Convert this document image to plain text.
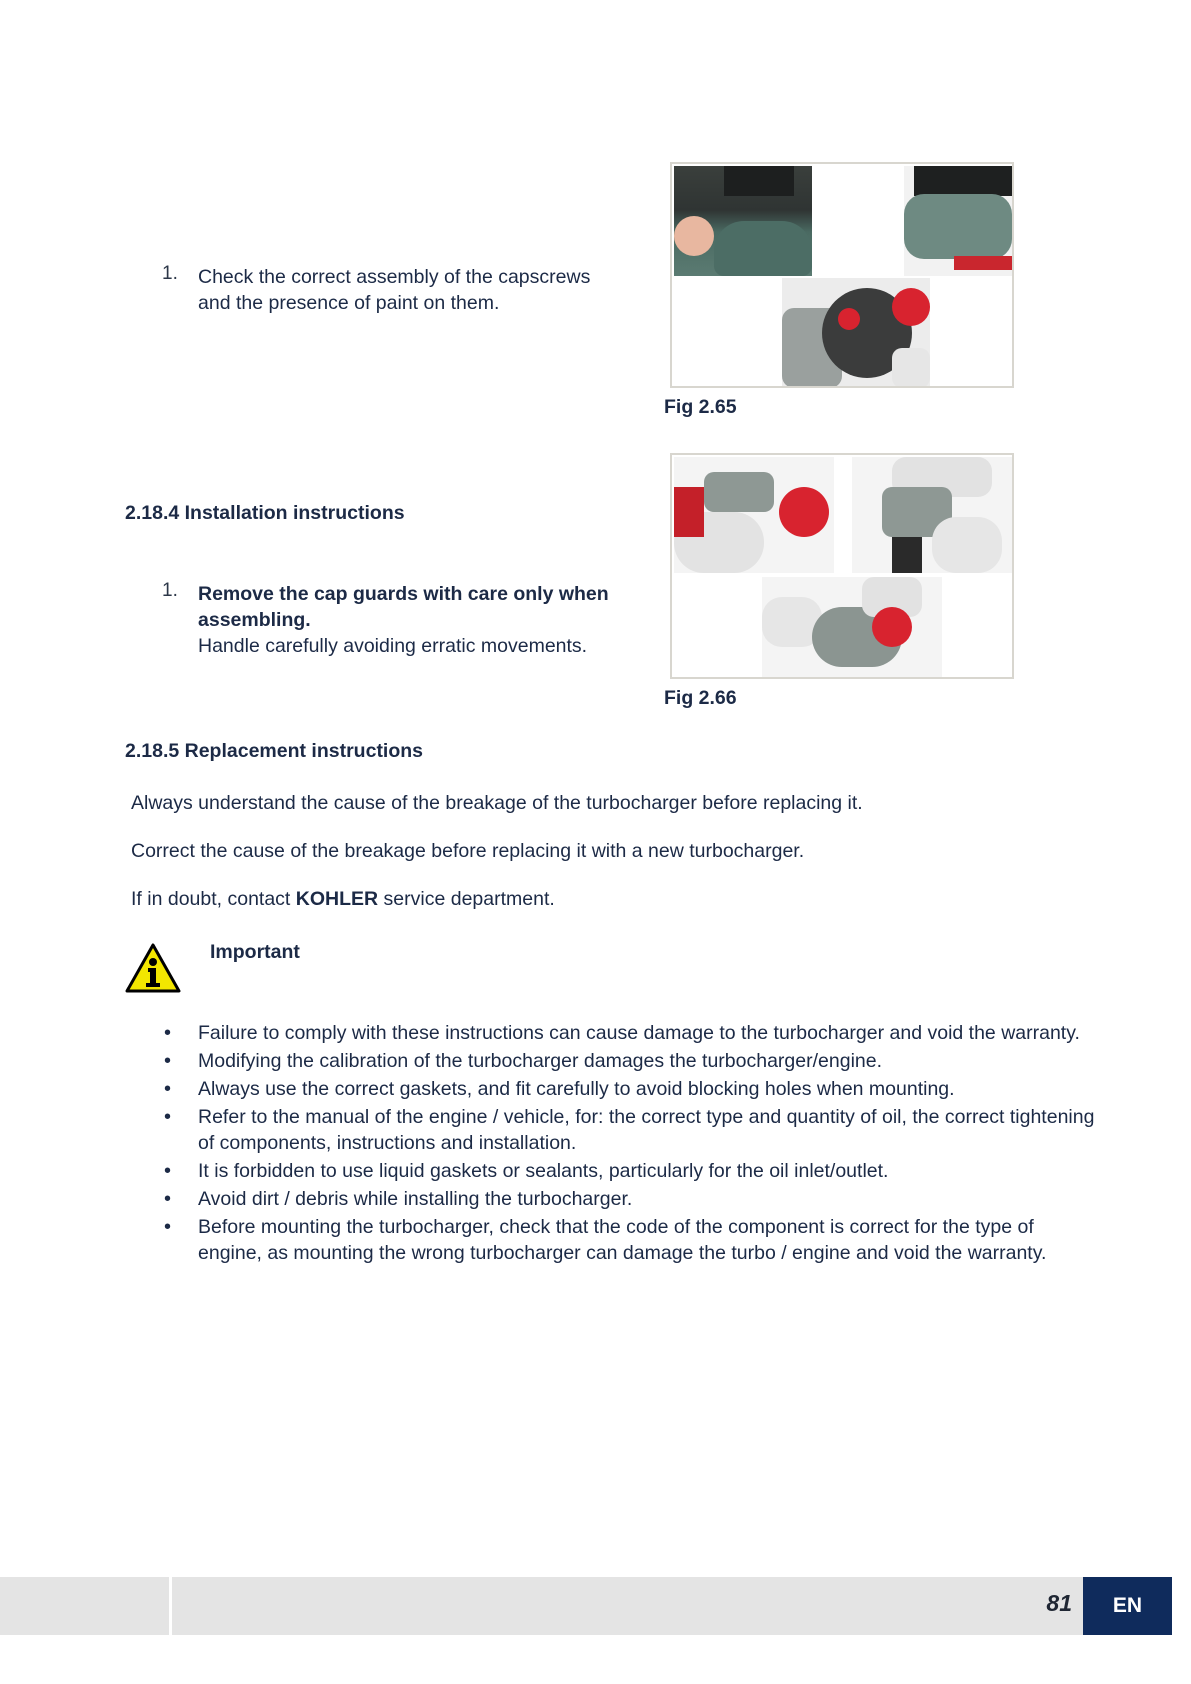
1. Check the correct assembly of the capscrews
and the presence of paint on them.
Fig 2.65
2.18.4 Installation instructions
1. Remove the cap guards with care only when
assembling.
Handle carefully avoiding erratic movements.
Fig 2.66
2.18.5 Replacement instructions
Always understand the cause of the breakage of the turbocharger before replacing it.
Correct the cause of the breakage before replacing it with a new turbocharger.
If in doubt, contact KOHLER service department.
Important
• Failure to comply with these instructions can cause damage to the turbocharger and void the warranty.
• Modifying the calibration of the turbocharger damages the turbocharger/engine.
• Always use the correct gaskets, and fit carefully to avoid blocking holes when mounting.
• Refer to the manual of the engine / vehicle, for: the correct type and quantity of oil, the correct tightening of components, instructions and installation.
• It is forbidden to use liquid gaskets or sealants, particularly for the oil inlet/outlet.
• Avoid dirt / debris while installing the turbocharger.
• Before mounting the turbocharger, check that the code of the component is correct for the type of engine, as mounting the wrong turbocharger can damage the turbo / engine and void the warranty.
81	EN
